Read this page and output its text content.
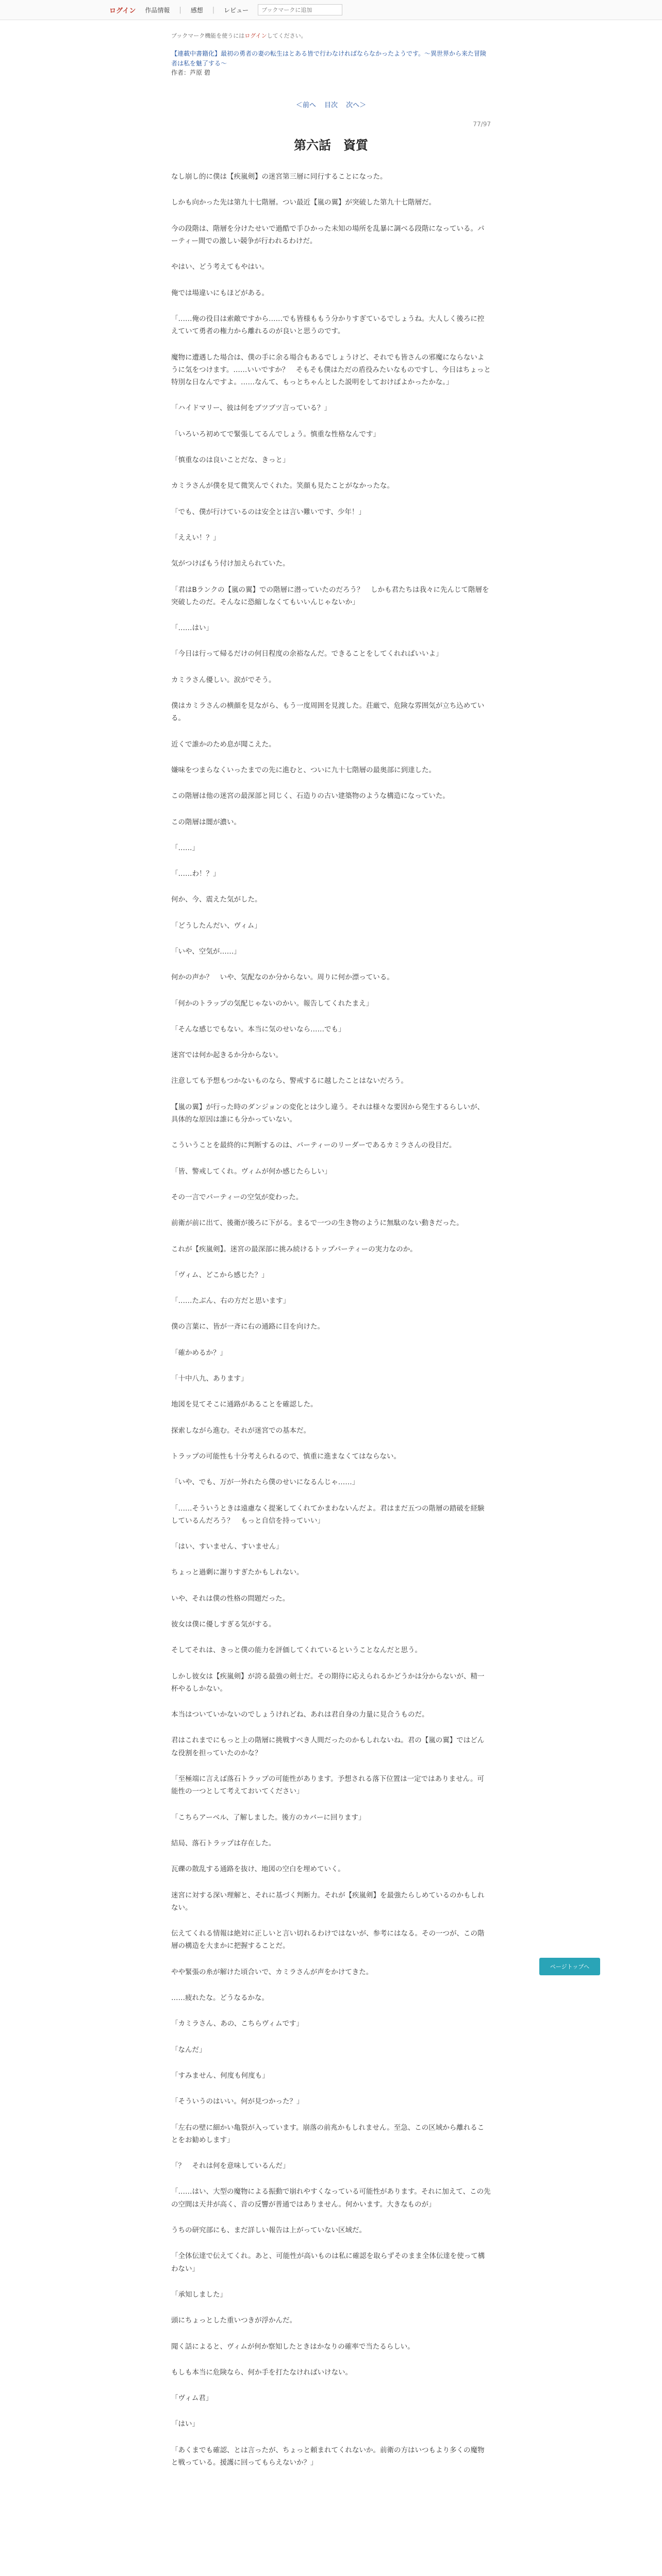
ログイン 作品情報 | 感想 | レビュー
ブックマークに追加
ブックマーク機能を使うにはログインしてください。
【連載中書籍化】最初の勇者の妻の転生はとある皆で行わなければならなかったようです。～異世界から来た冒険者は私を魅了する～
作者：芦原 碧
＜前へ 目次 次へ＞
77/97
第六話　資質

なし崩し的に僕は【疾嵐剣】の迷宮第三層に同行することになった。

しかも向かった先は第九十七階層。つい最近【嵐の翼】が突破した第九十七階層だ。

今の段階は、階層を分けたせいで過酷で手ひかった未知の場所を乱暴に調べる段階になっている。パーティー間での激しい競争が行われるわけだ。

やはい、どう考えてもやはい。

俺では場違いにもほどがある。

「……俺の役目は索敵ですから……でも皆様ももう分かりすぎているでしょうね。大人しく後ろに控えていて勇者の権力から離れるのが良いと思うのです。

魔物に遭遇した場合は、僕の手に余る場合もあるでしょうけど、それでも皆さんの邪魔にならないように気をつけます。……いいですか？　そもそも僕はただの盾役みたいなものですし、今日はちょっと特別な日なんですよ。……なんて、もっとちゃんとした説明をしておけばよかったかな。」

「ハイドマリー、彼は何をブツブツ言っている？」

「いろいろ初めてで緊張してるんでしょう。慎重な性格なんです」

「慎重なのは良いことだな、きっと」

カミラさんが僕を見て微笑んでくれた。笑顔も見たことがなかったな。

「でも、僕が行けているのは安全とは言い難いです、少年！」

「ええい！？」

気がつけばもう付け加えられていた。

「君はBランクの【嵐の翼】での階層に潜っていたのだろう？　しかも君たちは我々に先んじて階層を突破したのだ。そんなに恐縮しなくてもいいんじゃないか」

「……はい」

「今日は行って帰るだけの何日程度の余裕なんだ。できることをしてくれればいいよ」

カミラさん優しい。涙がでそう。

僕はカミラさんの横顔を見ながら、もう一度周囲を見渡した。荘厳で、危険な雰囲気が立ち込めている。

近くで誰かのため息が聞こえた。

嫌味をつまらなくいったまでの先に進むと、ついに九十七階層の最奥部に到達した。

この階層は他の迷宮の最深部と同じく、石造りの古い建築物のような構造になっていた。

この階層は闇が濃い。

「……」

「……わ！？」

何か、今、震えた気がした。

「どうしたんだい、ヴィム」

「いや、空気が……」

何かの声か？　いや、気配なのか分からない。周りに何か漂っている。

「何かのトラップの気配じゃないのかい。報告してくれたまえ」

「そんな感じでもない。本当に気のせいなら……でも」

迷宮では何か起きるか分からない。

注意しても予想もつかないものなら、警戒するに越したことはないだろう。

【嵐の翼】が行った時のダンジョンの変化とは少し違う。それは様々な要因から発生するらしいが、具体的な原因は誰にも分かっていない。

こういうことを最終的に判断するのは、パーティーのリーダーであるカミラさんの役目だ。

「皆、警戒してくれ。ヴィムが何か感じたらしい」

その一言でパーティーの空気が変わった。

前衛が前に出て、後衛が後ろに下がる。まるで一つの生き物のように無駄のない動きだった。

これが【疾嵐剣】。迷宮の最深部に挑み続けるトップパーティーの実力なのか。

「ヴィム、どこから感じた？」

「……たぶん、右の方だと思います」

僕の言葉に、皆が一斉に右の通路に目を向けた。

「確かめるか？」

「十中八九、あります」

地図を見てそこに通路があることを確認した。

探索しながら進む。それが迷宮での基本だ。

トラップの可能性も十分考えられるので、慎重に進まなくてはならない。

「いや、でも、万が一外れたら僕のせいになるんじゃ……」

「……そういうときは遠慮なく提案してくれてかまわないんだよ。君はまだ五つの階層の踏破を経験しているんだろう？　もっと自信を持っていい」

「はい、すいません、すいません」

ちょっと過剰に謝りすぎたかもしれない。

いや、それは僕の性格の問題だった。

彼女は僕に優しすぎる気がする。

そしてそれは、きっと僕の能力を評価してくれているということなんだと思う。

しかし彼女は【疾嵐剣】が誇る最強の剣士だ。その期待に応えられるかどうかは分からないが、精一杯やるしかない。

本当はついていかないのでしょうけれどね、あれは君自身の力量に見合うものだ。

君はこれまでにもっと上の階層に挑戦すべき人間だったのかもしれないね。君の【嵐の翼】ではどんな役割を担っていたのかな？

「至極端に言えば落石トラップの可能性があります。予想される落下位置は一定ではありません。可能性の一つとして考えておいてください」

「こちらアーベル、了解しました。後方のカバーに回ります」

結局、落石トラップは存在した。

瓦礫の散乱する通路を抜け、地図の空白を埋めていく。

迷宮に対する深い理解と、それに基づく判断力。それが【疾嵐剣】を最強たらしめているのかもしれない。

伝えてくれる情報は絶対に正しいと言い切れるわけではないが、参考にはなる。その一つが、この階層の構造を大まかに把握することだ。

やや緊張の糸が解けた頃合いで、カミラさんが声をかけてきた。

……疲れたな。どうなるかな。

「カミラさん、あの、こちらヴィムです」

「なんだ」

「すみません、何度も何度も」

「そういうのはいい。何が見つかった？」

「左右の壁に細かい亀裂が入っています。崩落の前兆かもしれません。至急、この区域から離れることをお勧めします」

「？　それは何を意味しているんだ」

「……はい、大型の魔物による振動で崩れやすくなっている可能性があります。それに加えて、この先の空間は天井が高く、音の反響が普通ではありません。何かいます。大きなものが」

うちの研究部にも、まだ詳しい報告は上がっていない区域だ。

「全体伝達で伝えてくれ。あと、可能性が高いものは私に確認を取らずそのまま全体伝達を使って構わない」

「承知しました」

頭にちょっとした重いつきが浮かんだ。

聞く話によると、ヴィムが何か察知したときはかなりの確率で当たるらしい。

もしも本当に危険なら、何か手を打たなければいけない。

「ヴィム君」

「はい」

「あくまでも確認、とは言ったが、ちょっと頼まれてくれないか。前衛の方はいつもより多くの魔物と戦っている。援護に回ってもらえないか？」

ページトップへ
